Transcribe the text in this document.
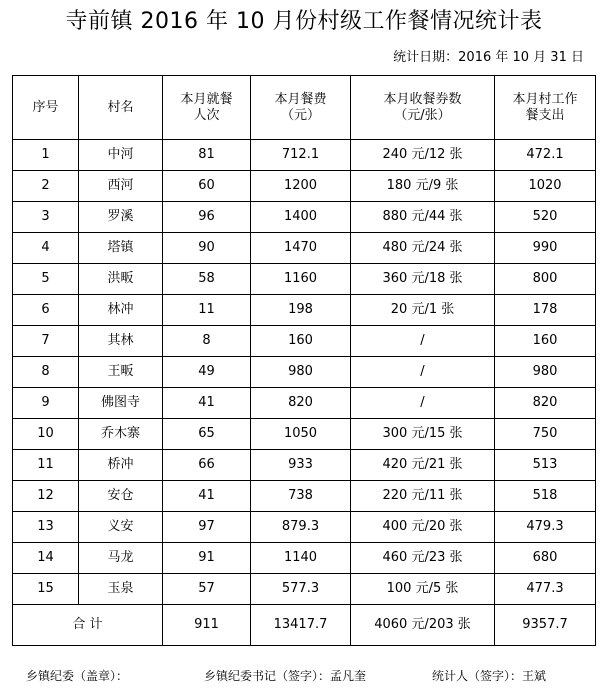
寺前镇 2016 年 10 月份村级工作餐情况统计表
统计日期：2016 年 10 月 31 日
序号	村名	本月就餐人次	本月餐费（元）	本月收餐券数（元/张）	本月村工作餐支出

1	中河	81	712.1	240 元/12 张	472.1
2	西河	60	1200	180 元/9 张	1020
3	罗溪	96	1400	880 元/44 张	520
4	塔镇	90	1470	480 元/24 张	990
5	洪畈	58	1160	360 元/18 张	800
6	林冲	11	198	20 元/1 张	178
7	其林	8	160	/	160
8	王畈	49	980	/	980
9	佛图寺	41	820	/	820
10	乔木寨	65	1050	300 元/15 张	750
11	桥冲	66	933	420 元/21 张	513
12	安仓	41	738	220 元/11 张	518
13	义安	97	879.3	400 元/20 张	479.3
14	马龙	91	1140	460 元/23 张	680
15	玉泉	57	577.3	100 元/5 张	477.3
合 计		911	13417.7	4060 元/203 张	9357.7
乡镇纪委（盖章）：	乡镇纪委书记（签字）：孟凡奎	统计人（签字）：王斌
